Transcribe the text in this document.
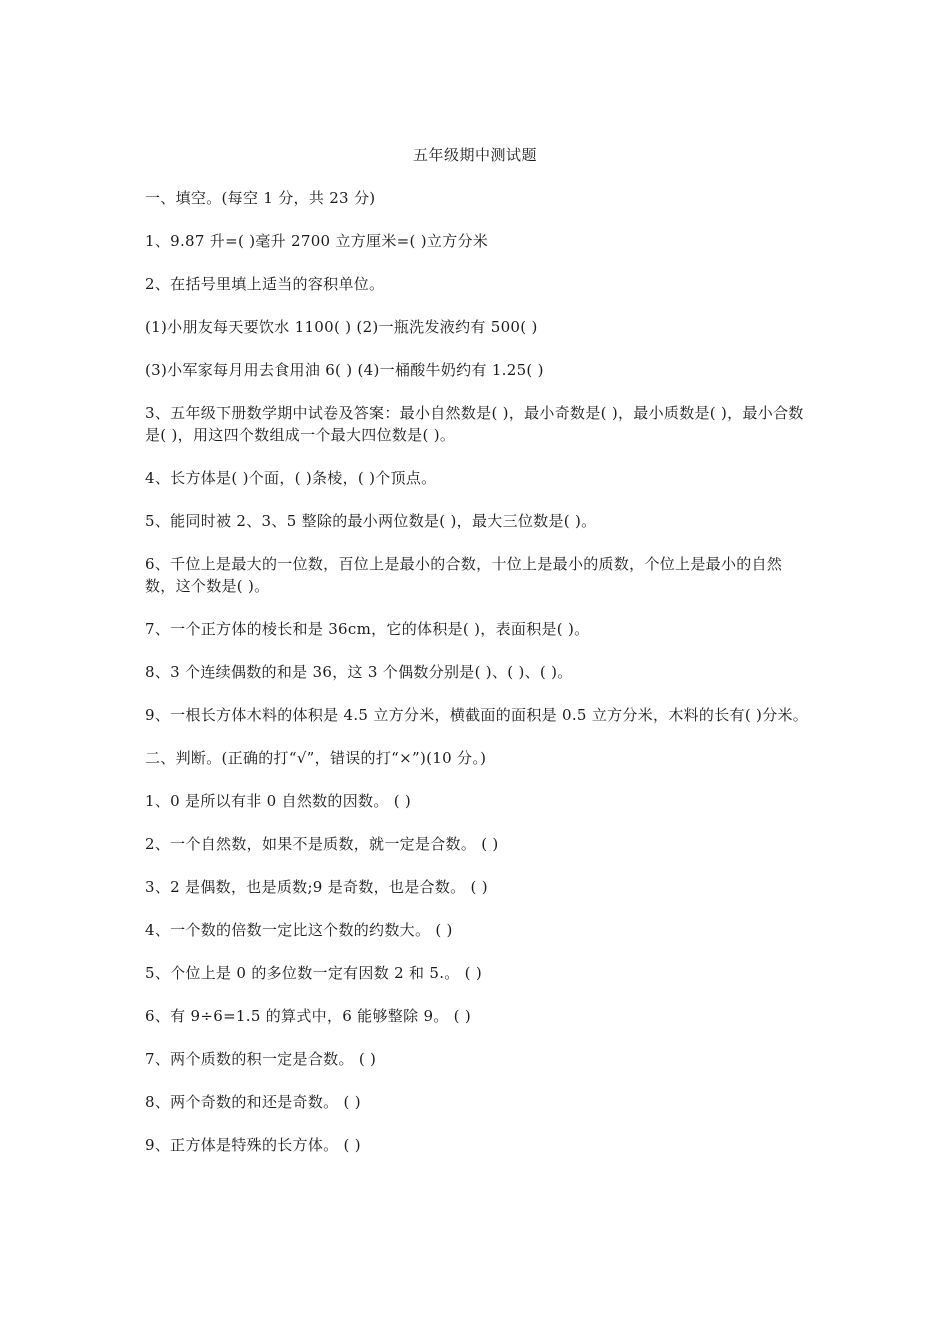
五年级期中测试题

一、填空。(每空 1 分，共 23 分)

1、9.87 升=( )毫升 2700 立方厘米=( )立方分米

2、在括号里填上适当的容积单位。

(1)小朋友每天要饮水 1100( ) (2)一瓶洗发液约有 500( )

(3)小军家每月用去食用油 6( ) (4)一桶酸牛奶约有 1.25( )

3、五年级下册数学期中试卷及答案：最小自然数是( )，最小奇数是( )，最小质数是( )，最小合数是( )，用这四个数组成一个最大四位数是( )。

4、长方体是( )个面，( )条棱，( )个顶点。

5、能同时被 2、3、5 整除的最小两位数是( )，最大三位数是( )。

6、千位上是最大的一位数，百位上是最小的合数，十位上是最小的质数，个位上是最小的自然数，这个数是( )。

7、一个正方体的棱长和是 36cm，它的体积是( )，表面积是( )。

8、3 个连续偶数的和是 36，这 3 个偶数分别是( )、( )、( )。

9、一根长方体木料的体积是 4.5 立方分米，横截面的面积是 0.5 立方分米，木料的长有( )分米。

二、判断。(正确的打“√”，错误的打“×”)(10 分。)

1、0 是所以有非 0 自然数的因数。 ( )

2、一个自然数，如果不是质数，就一定是合数。 ( )

3、2 是偶数，也是质数;9 是奇数，也是合数。 ( )

4、一个数的倍数一定比这个数的约数大。 ( )

5、个位上是 0 的多位数一定有因数 2 和 5.。 ( )

6、有 9÷6=1.5 的算式中，6 能够整除 9。 ( )

7、两个质数的积一定是合数。 ( )

8、两个奇数的和还是奇数。 ( )

9、正方体是特殊的长方体。 ( )
